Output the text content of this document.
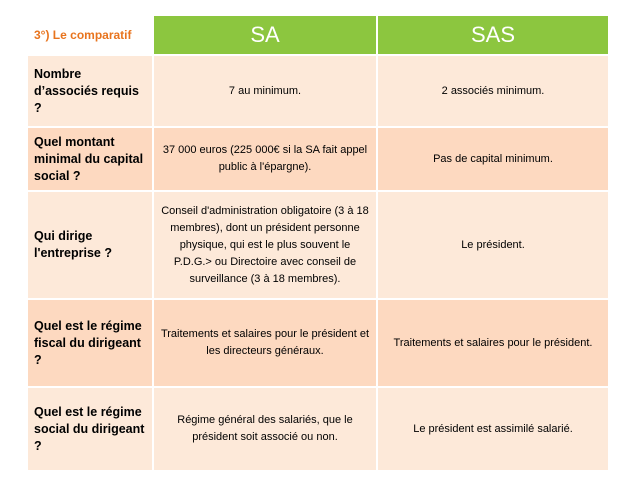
3°) Le comparatif	SA	SAS
Nombre d’associés requis ?	7 au minimum.	2 associés minimum.
Quel montant minimal du capital social ?	37 000 euros (225 000€ si la SA fait appel public à l'épargne).	Pas de capital minimum.
Qui dirige l'entreprise ?	Conseil d'administration obligatoire (3 à 18 membres), dont un président personne physique, qui est le plus souvent le P.D.G.> ou Directoire avec conseil de surveillance (3 à 18 membres).	Le président.
Quel est le régime fiscal du dirigeant ?	Traitements et salaires pour le président et les directeurs généraux.	Traitements et salaires pour le président.
Quel est le régime social du dirigeant ?	Régime général des salariés, que le président soit associé ou non.	Le président est assimilé salarié.
